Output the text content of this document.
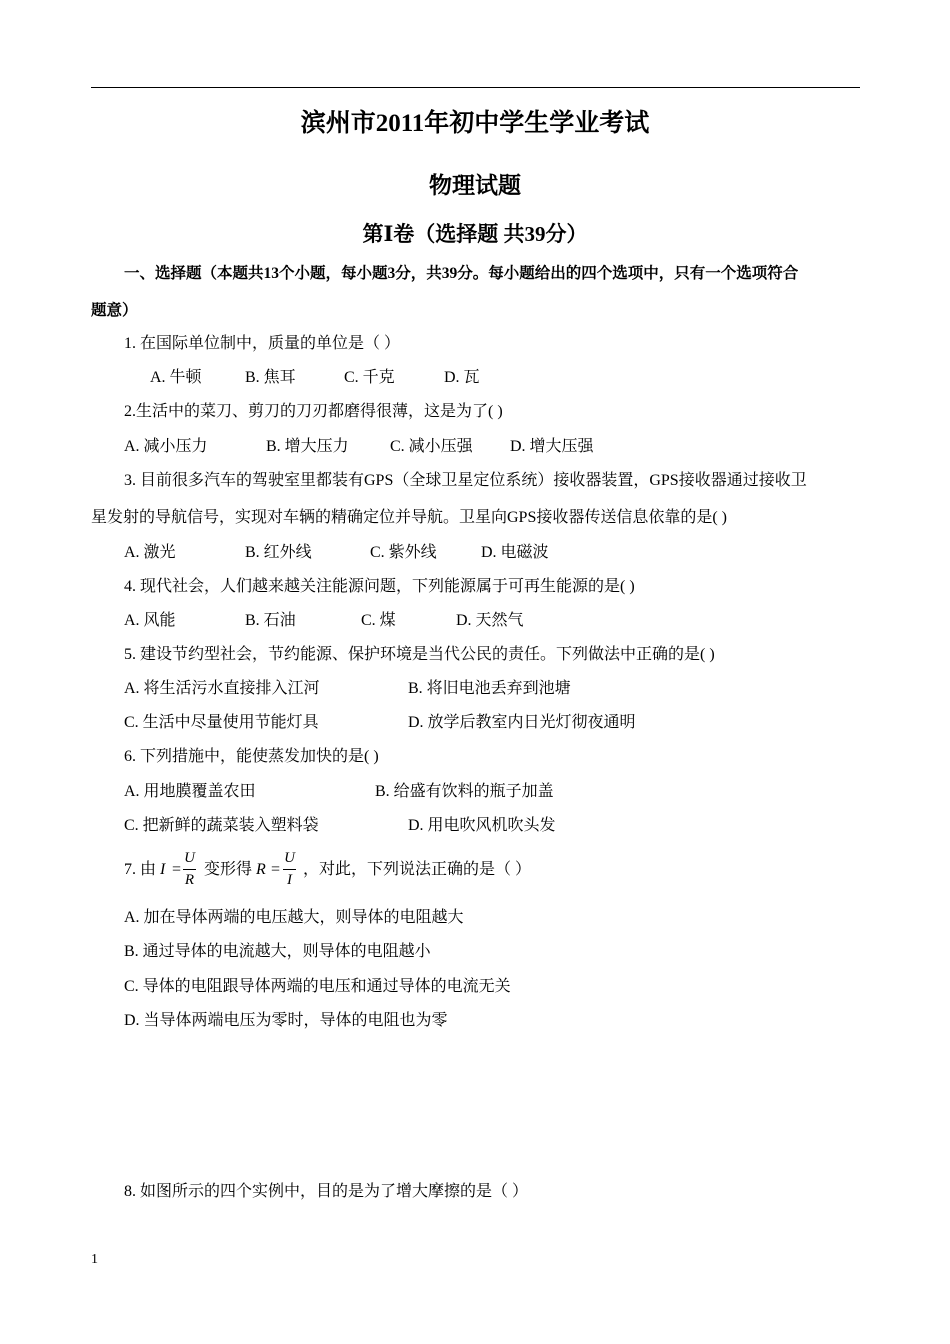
滨州市2011年初中学生学业考试
物理试题
第Ⅰ卷（选择题 共39分）
一、选择题（本题共13个小题，每小题3分，共39分。每小题给出的四个选项中，只有一个选项符合
题意）
1. 在国际单位制中，质量的单位是（ ）
A. 牛顿	B. 焦耳	C. 千克	D. 瓦
2.生活中的菜刀、剪刀的刀刃都磨得很薄，这是为了( )
A. 减小压力	B. 增大压力	C. 减小压强 D. 增大压强
3. 目前很多汽车的驾驶室里都装有GPS（全球卫星定位系统）接收器装置，GPS接收器通过接收卫
星发射的导航信号，实现对车辆的精确定位并导航。卫星向GPS接收器传送信息依靠的是( )
A. 激光	B. 红外线	C. 紫外线	D. 电磁波
4. 现代社会，人们越来越关注能源问题，下列能源属于可再生能源的是( )
A. 风能	B. 石油	C. 煤	D. 天然气
5. 建设节约型社会，节约能源、保护环境是当代公民的责任。下列做法中正确的是( )
A. 将生活污水直接排入江河	B. 将旧电池丢弃到池塘
C. 生活中尽量使用节能灯具	D. 放学后教室内日光灯彻夜通明
6. 下列措施中，能使蒸发加快的是( )
A. 用地膜覆盖农田	B. 给盛有饮料的瓶子加盖
C. 把新鲜的蔬菜装入塑料袋	D. 用电吹风机吹头发
7. 由 I =
U
R
变形得 R =
U
I
，对此，下列说法正确的是（ ）
A. 加在导体两端的电压越大，则导体的电阻越大
B. 通过导体的电流越大，则导体的电阻越小
C. 导体的电阻跟导体两端的电压和通过导体的电流无关
D. 当导体两端电压为零时，导体的电阻也为零
8. 如图所示的四个实例中，目的是为了增大摩擦的是（ ）
1
